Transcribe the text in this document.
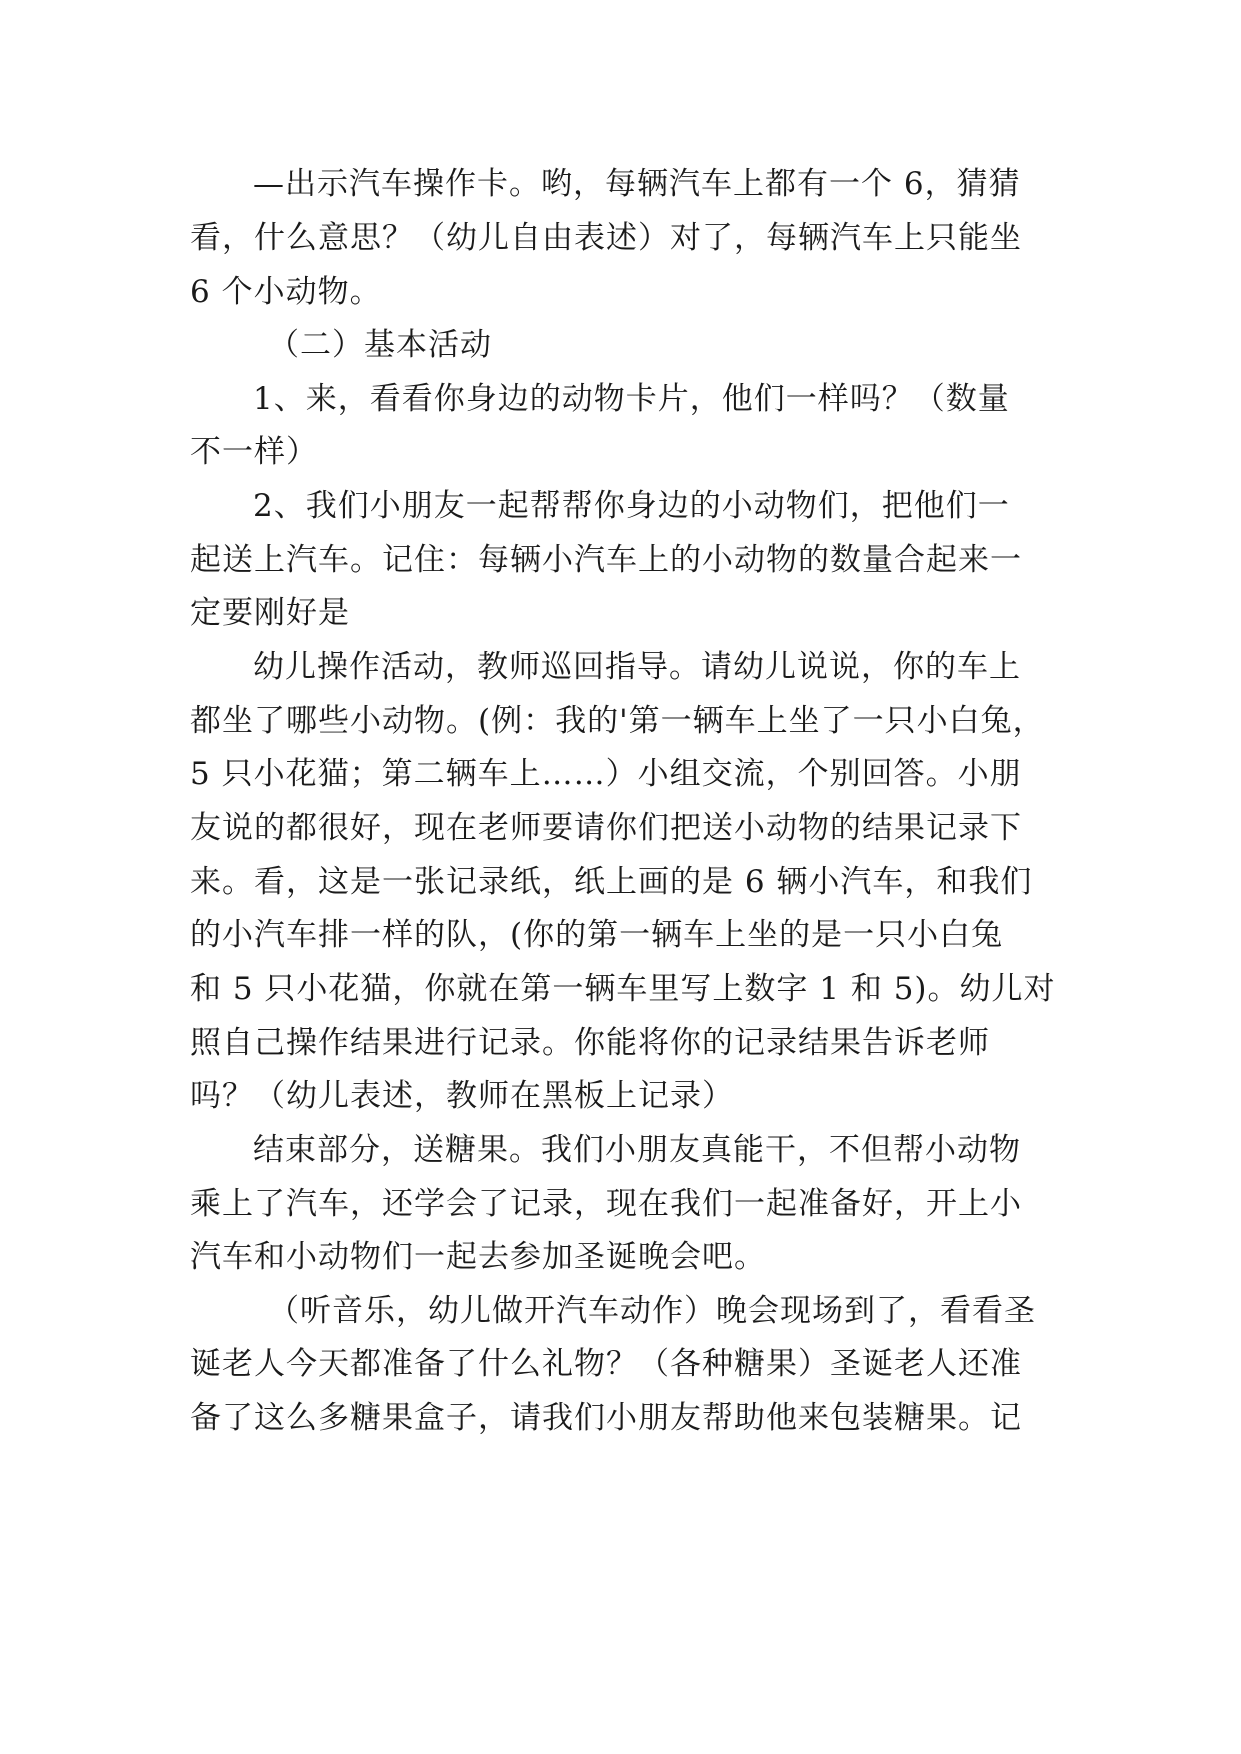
—出示汽车操作卡。哟，每辆汽车上都有一个 6，猜猜
看，什么意思？（幼儿自由表述）对了，每辆汽车上只能坐
6 个小动物。
（二）基本活动
1、来，看看你身边的动物卡片，他们一样吗？（数量
不一样）
2、我们小朋友一起帮帮你身边的小动物们，把他们一
起送上汽车。记住：每辆小汽车上的小动物的数量合起来一
定要刚好是
幼儿操作活动，教师巡回指导。请幼儿说说，你的车上
都坐了哪些小动物。(例：我的'第一辆车上坐了一只小白兔，
5 只小花猫；第二辆车上……）小组交流，个别回答。小朋
友说的都很好，现在老师要请你们把送小动物的结果记录下
来。看，这是一张记录纸，纸上画的是 6 辆小汽车，和我们
的小汽车排一样的队，(你的第一辆车上坐的是一只小白兔
和 5 只小花猫，你就在第一辆车里写上数字 1 和 5)。幼儿对
照自己操作结果进行记录。你能将你的记录结果告诉老师
吗？（幼儿表述，教师在黑板上记录）
结束部分，送糖果。我们小朋友真能干，不但帮小动物
乘上了汽车，还学会了记录，现在我们一起准备好，开上小
汽车和小动物们一起去参加圣诞晚会吧。
（听音乐，幼儿做开汽车动作）晚会现场到了，看看圣
诞老人今天都准备了什么礼物？（各种糖果）圣诞老人还准
备了这么多糖果盒子，请我们小朋友帮助他来包装糖果。记
